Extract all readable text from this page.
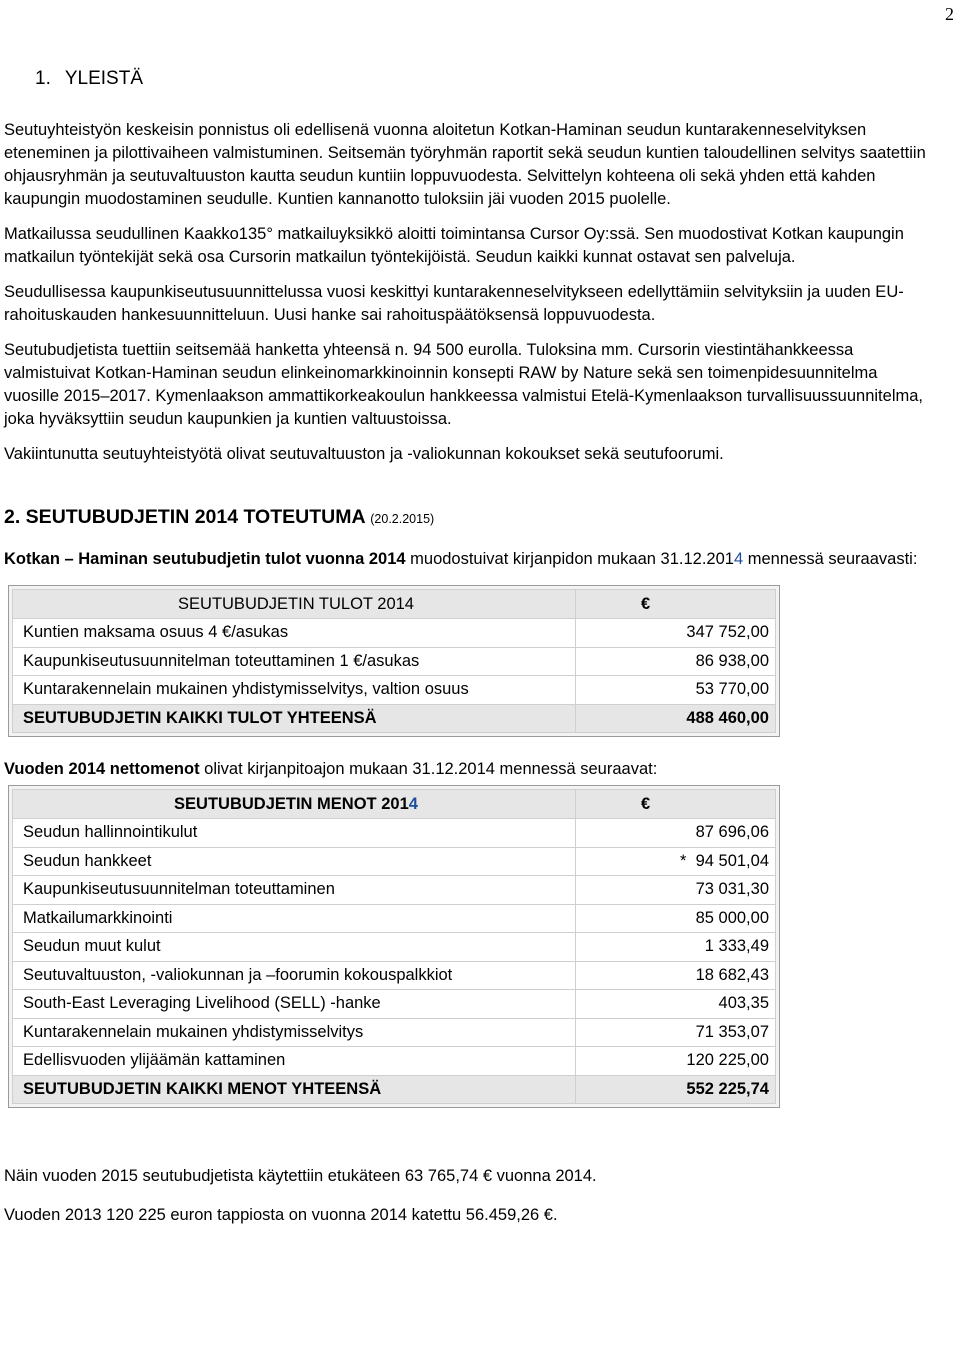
2
1. YLEISTÄ

Seutuyhteistyön keskeisin ponnistus oli edellisenä vuonna aloitetun Kotkan-Haminan seudun kuntarakenneselvityksen eteneminen ja pilottivaiheen valmistuminen. Seitsemän työryhmän raportit sekä seudun kuntien taloudellinen selvitys saatettiin ohjausryhmän ja seutuvaltuuston kautta seudun kuntiin loppuvuodesta. Selvittelyn kohteena oli sekä yhden että kahden kaupungin muodostaminen seudulle. Kuntien kannanotto tuloksiin jäi vuoden 2015 puolelle.

Matkailussa seudullinen Kaakko135° matkailuyksikkö aloitti toimintansa Cursor Oy:ssä. Sen muodostivat Kotkan kaupungin matkailun työntekijät sekä osa Cursorin matkailun työntekijöistä. Seudun kaikki kunnat ostavat sen palveluja.

Seudullisessa kaupunkiseutusuunnittelussa vuosi keskittyi kuntarakenneselvitykseen edellyttämiin selvityksiin ja uuden EU-rahoituskauden hankesuunnitteluun. Uusi hanke sai rahoituspäätöksensä loppuvuodesta.

Seutubudjetista tuettiin seitsemää hanketta yhteensä n. 94 500 eurolla. Tuloksina mm. Cursorin viestintähankkeessa valmistuivat Kotkan-Haminan seudun elinkeinomarkkinoinnin konsepti RAW by Nature sekä sen toimenpidesuunnitelma vuosille 2015–2017. Kymenlaakson ammattikorkeakoulun hankkeessa valmistui Etelä-Kymenlaakson turvallisuussuunnitelma, joka hyväksyttiin seudun kaupunkien ja kuntien valtuustoissa.

Vakiintunutta seutuyhteistyötä olivat seutuvaltuuston ja -valiokunnan kokoukset sekä seutufoorumi.

2. SEUTUBUDJETIN 2014 TOTEUTUMA (20.2.2015)
Kotkan – Haminan seutubudjetin tulot vuonna 2014 muodostuivat kirjanpidon mukaan 31.12.2014 mennessä seuraavasti:
SEUTUBUDJETIN TULOT 2014	€
Kuntien maksama osuus 4 €/asukas	347 752,00
Kaupunkiseutusuunnitelman toteuttaminen 1 €/asukas	86 938,00
Kuntarakennelain mukainen yhdistymisselvitys, valtion osuus	53 770,00
SEUTUBUDJETIN KAIKKI TULOT YHTEENSÄ	488 460,00
Vuoden 2014 nettomenot olivat kirjanpitoajon mukaan 31.12.2014 mennessä seuraavat:
SEUTUBUDJETIN MENOT 2014	€
Seudun hallinnointikulut	87 696,06
Seudun hankkeet	*  94 501,04
Kaupunkiseutusuunnitelman toteuttaminen	73 031,30
Matkailumarkkinointi	85 000,00
Seudun muut kulut	1 333,49
Seutuvaltuuston, -valiokunnan ja –foorumin kokouspalkkiot	18 682,43
South-East Leveraging Livelihood (SELL) -hanke	403,35
Kuntarakennelain mukainen yhdistymisselvitys	71 353,07
Edellisvuoden ylijäämän kattaminen	120 225,00
SEUTUBUDJETIN KAIKKI MENOT YHTEENSÄ	552 225,74

Näin vuoden 2015 seutubudjetista käytettiin etukäteen 63 765,74 € vuonna 2014.

Vuoden 2013 120 225 euron tappiosta on vuonna 2014 katettu 56.459,26 €.
